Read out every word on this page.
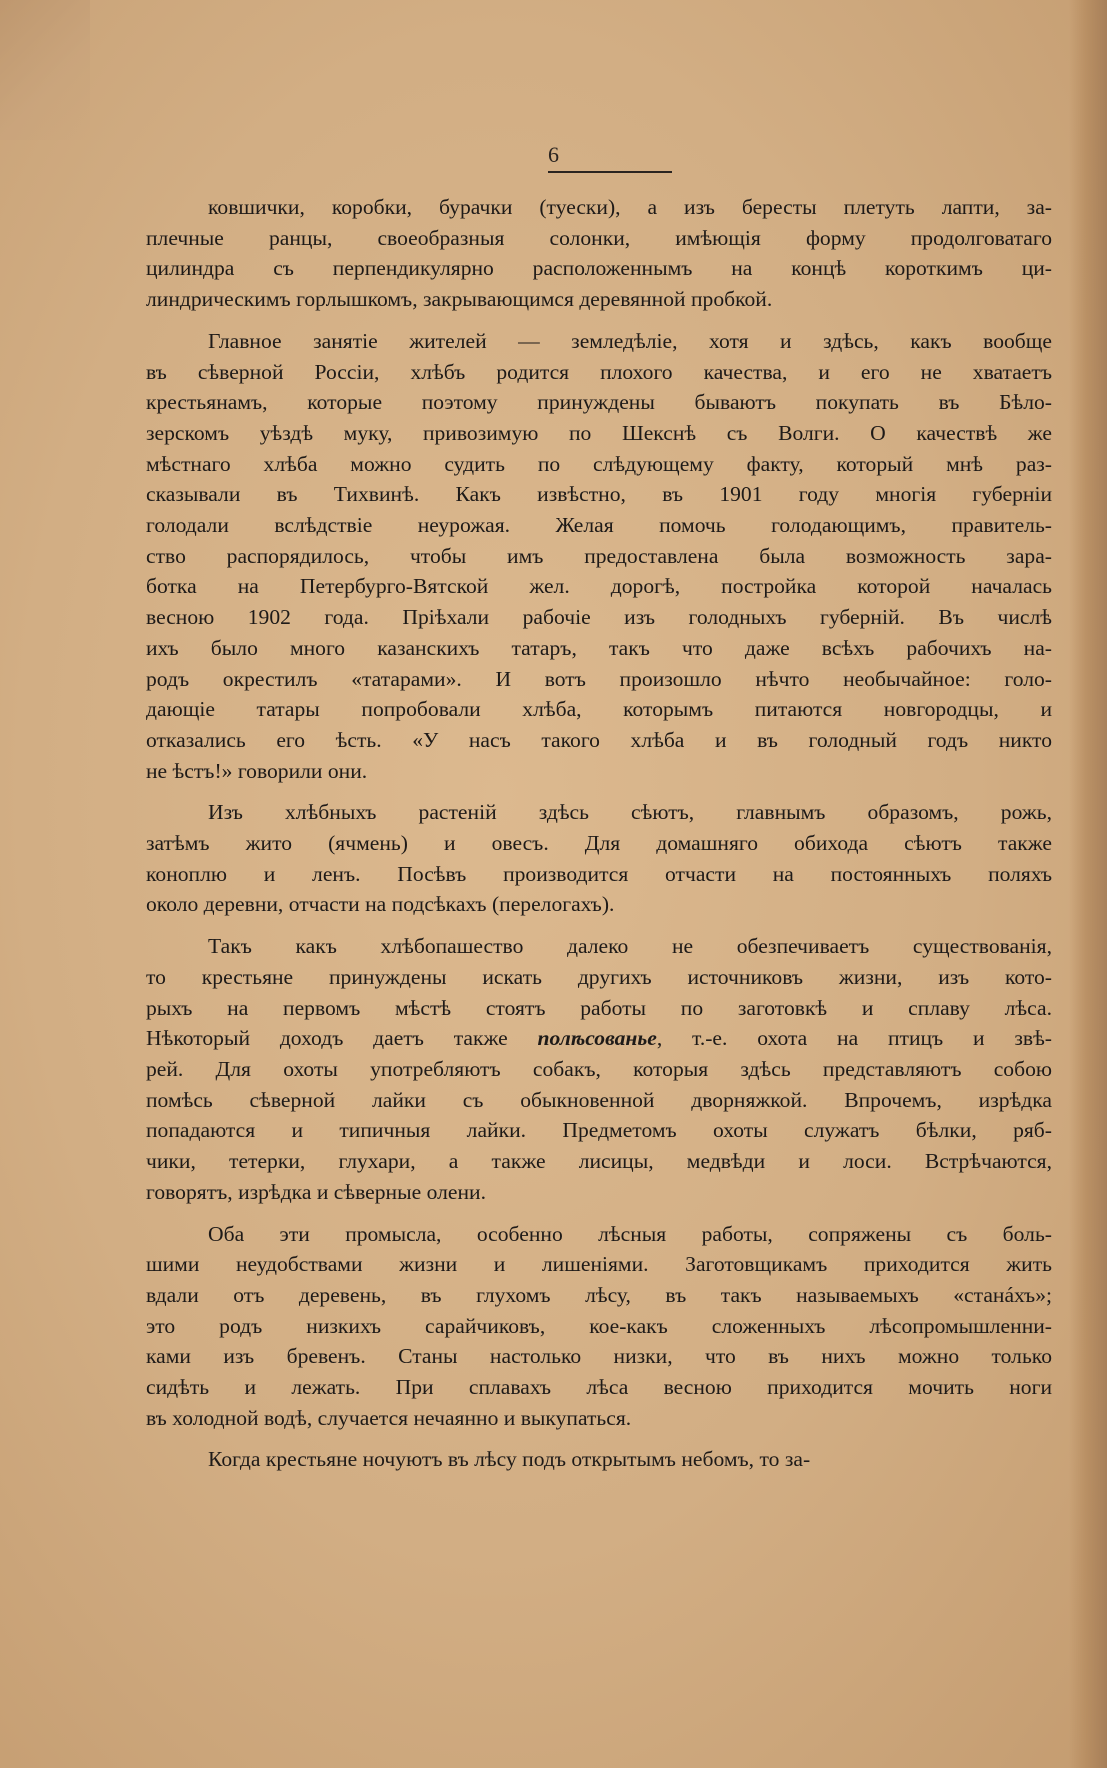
6
ковшички, коробки, бурачки (туески), а изъ бересты плетуть лапти, за-
плечные ранцы, своеобразныя солонки, имѣющія форму продолговатаго
цилиндра съ перпендикулярно расположеннымъ на концѣ короткимъ ци-
линдрическимъ горлышкомъ, закрывающимся деревянной пробкой.
Главное занятіе жителей — земледѣліе, хотя и здѣсь, какъ вообще
въ сѣверной Россіи, хлѣбъ родится плохого качества, и его не хватаетъ
крестьянамъ, которые поэтому принуждены бываютъ покупать въ Бѣло-
зерскомъ уѣздѣ муку, привозимую по Шекснѣ съ Волги. О качествѣ же
мѣстнаго хлѣба можно судить по слѣдующему факту, который мнѣ раз-
сказывали въ Тихвинѣ. Какъ извѣстно, въ 1901 году многія губерніи
голодали вслѣдствіе неурожая. Желая помочь голодающимъ, правитель-
ство распорядилось, чтобы имъ предоставлена была возможность зара-
ботка на Петербурго-Вятской жел. дорогѣ, постройка которой началась
весною 1902 года. Пріѣхали рабочіе изъ голодныхъ губерній. Въ числѣ
ихъ было много казанскихъ татаръ, такъ что даже всѣхъ рабочихъ на-
родъ окрестилъ «татарами». И вотъ произошло нѣчто необычайное: голо-
дающіе татары попробовали хлѣба, которымъ питаются новгородцы, и
отказались его ѣсть. «У насъ такого хлѣба и въ голодный годъ никто
не ѣстъ!» говорили они.
Изъ хлѣбныхъ растеній здѣсь сѣютъ, главнымъ образомъ, рожь,
затѣмъ жито (ячмень) и овесъ. Для домашняго обихода сѣютъ также
коноплю и ленъ. Посѣвъ производится отчасти на постоянныхъ поляхъ
около деревни, отчасти на подсѣкахъ (перелогахъ).
Такъ какъ хлѣбопашество далеко не обезпечиваетъ существованія,
то крестьяне принуждены искать другихъ источниковъ жизни, изъ кото-
рыхъ на первомъ мѣстѣ стоятъ работы по заготовкѣ и сплаву лѣса.
Нѣкоторый доходъ даетъ также полѣсованье, т.-е. охота на птицъ и звѣ-
рей. Для охоты употребляютъ собакъ, которыя здѣсь представляютъ собою
помѣсь сѣверной лайки съ обыкновенной дворняжкой. Впрочемъ, изрѣдка
попадаются и типичныя лайки. Предметомъ охоты служатъ бѣлки, ряб-
чики, тетерки, глухари, а также лисицы, медвѣди и лоси. Встрѣчаются,
говорятъ, изрѣдка и сѣверные олени.
Оба эти промысла, особенно лѣсныя работы, сопряжены съ боль-
шими неудобствами жизни и лишеніями. Заготовщикамъ приходится жить
вдали отъ деревень, въ глухомъ лѣсу, въ такъ называемыхъ «станáхъ»;
это родъ низкихъ сарайчиковъ, кое-какъ сложенныхъ лѣсопромышленни-
ками изъ бревенъ. Станы настолько низки, что въ нихъ можно только
сидѣть и лежать. При сплавахъ лѣса весною приходится мочить ноги
въ холодной водѣ, случается нечаянно и выкупаться.
Когда крестьяне ночуютъ въ лѣсу подъ открытымъ небомъ, то за-
